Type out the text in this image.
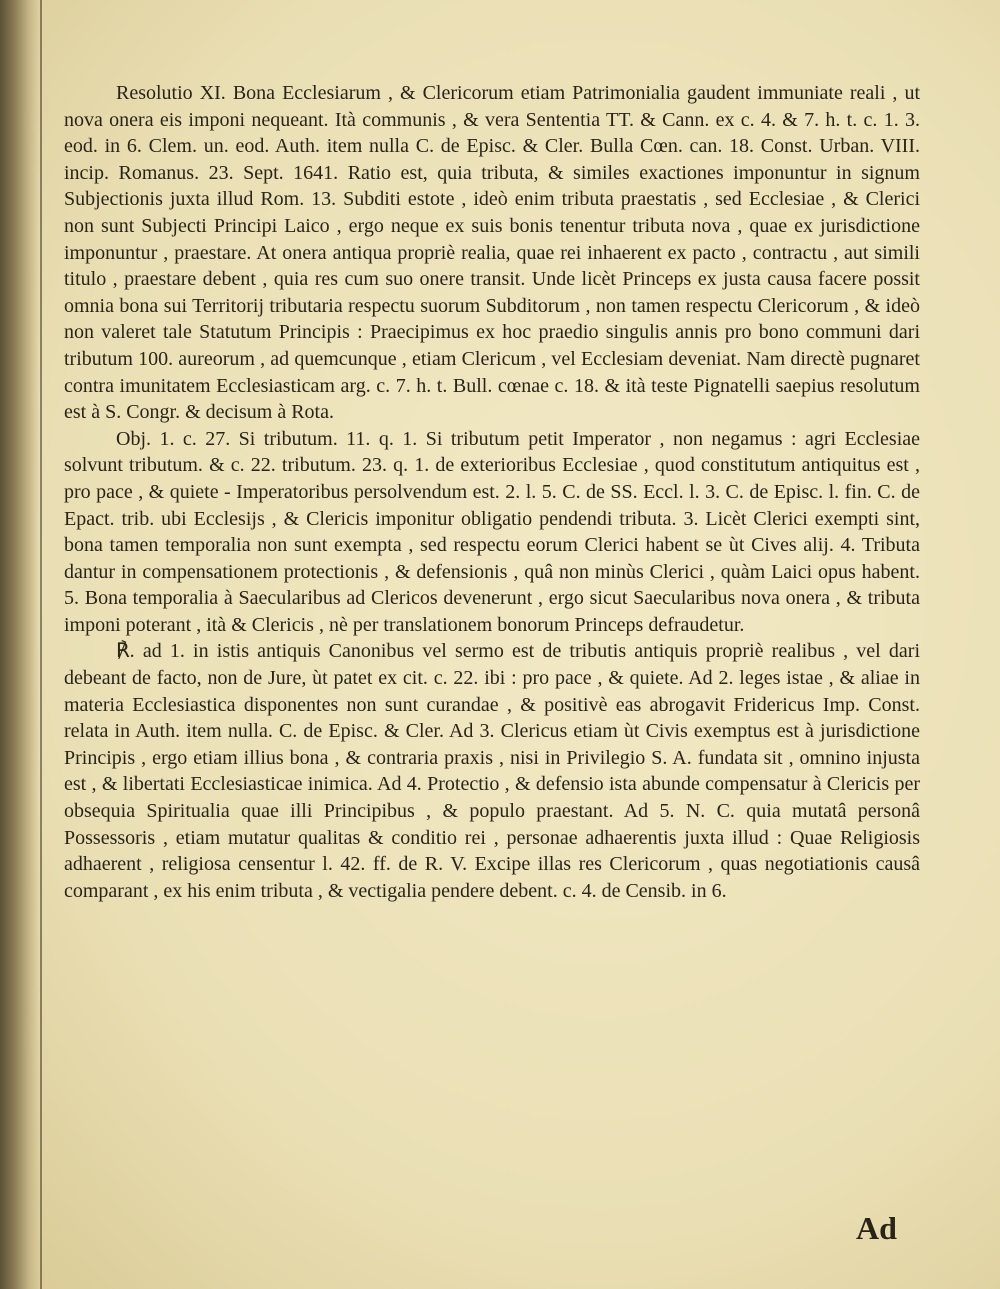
Resolutio XI. Bona Ecclesiarum , & Clericorum etiam Patrimonialia gaudent immuniate reali , ut nova onera eis imponi nequeant. Ità communis , & vera Sententia TT. & Cann. ex c. 4. & 7. h. t. c. 1. 3. eod. in 6. Clem. un. eod. Auth. item nulla C. de Episc. & Cler. Bulla Cœn. can. 18. Const. Urban. VIII. incip. Romanus. 23. Sept. 1641. Ratio est, quia tributa, & similes exactiones imponuntur in signum Subjectionis juxta illud Rom. 13. Subditi estote , ideò enim tributa praestatis , sed Ecclesiae , & Clerici non sunt Subjecti Principi Laico , ergo neque ex suis bonis tenentur tributa nova , quae ex jurisdictione imponuntur , praestare. At onera antiqua propriè realia, quae rei inhaerent ex pacto , contractu , aut simili titulo , praestare debent , quia res cum suo onere transit. Unde licèt Princeps ex justa causa facere possit omnia bona sui Territorij tributaria respectu suorum Subditorum , non tamen respectu Clericorum , & ideò non valeret tale Statutum Principis : Praecipimus ex hoc praedio singulis annis pro bono communi dari tributum 100. aureorum , ad quemcunque , etiam Clericum , vel Ecclesiam deveniat. Nam directè pugnaret contra imunitatem Ecclesiasticam arg. c. 7. h. t. Bull. cœnae c. 18. & ità teste Pignatelli saepius resolutum est à S. Congr. & decisum à Rota.

Obj. 1. c. 27. Si tributum. 11. q. 1. Si tributum petit Imperator , non negamus : agri Ecclesiae solvunt tributum. & c. 22. tributum. 23. q. 1. de exterioribus Ecclesiae , quod constitutum antiquitus est , pro pace , & quiete - Imperatoribus persolvendum est. 2. l. 5. C. de SS. Eccl. l. 3. C. de Episc. l. fin. C. de Epact. trib. ubi Ecclesijs , & Clericis imponitur obligatio pendendi tributa. 3. Licèt Clerici exempti sint, bona tamen temporalia non sunt exempta , sed respectu eorum Clerici habent se ùt Cives alij. 4. Tributa dantur in compensationem protectionis , & defensionis , quâ non minùs Clerici , quàm Laici opus habent. 5. Bona temporalia à Saecularibus ad Clericos devenerunt , ergo sicut Saecularibus nova onera , & tributa imponi poterant , ità & Clericis , nè per translationem bonorum Princeps defraudetur.

℟. ad 1. in istis antiquis Canonibus vel sermo est de tributis antiquis propriè realibus , vel dari debeant de facto, non de Jure, ùt patet ex cit. c. 22. ibi : pro pace , & quiete. Ad 2. leges istae , & aliae in materia Ecclesiastica disponentes non sunt curandae , & positivè eas abrogavit Fridericus Imp. Const. relata in Auth. item nulla. C. de Episc. & Cler. Ad 3. Clericus etiam ùt Civis exemptus est à jurisdictione Principis , ergo etiam illius bona , & contraria praxis , nisi in Privilegio S. A. fundata sit , omnino injusta est , & libertati Ecclesiasticae inimica. Ad 4. Protectio , & defensio ista abunde compensatur à Clericis per obsequia Spiritualia quae illi Principibus , & populo praestant. Ad 5. N. C. quia mutatâ personâ Possessoris , etiam mutatur qualitas & conditio rei , personae adhaerentis juxta illud : Quae Religiosis adhaerent , religiosa censentur l. 42. ff. de R. V. Excipe illas res Clericorum , quas negotiationis causâ comparant , ex his enim tributa , & vectigalia pendere debent. c. 4. de Censib. in 6.

Ad
